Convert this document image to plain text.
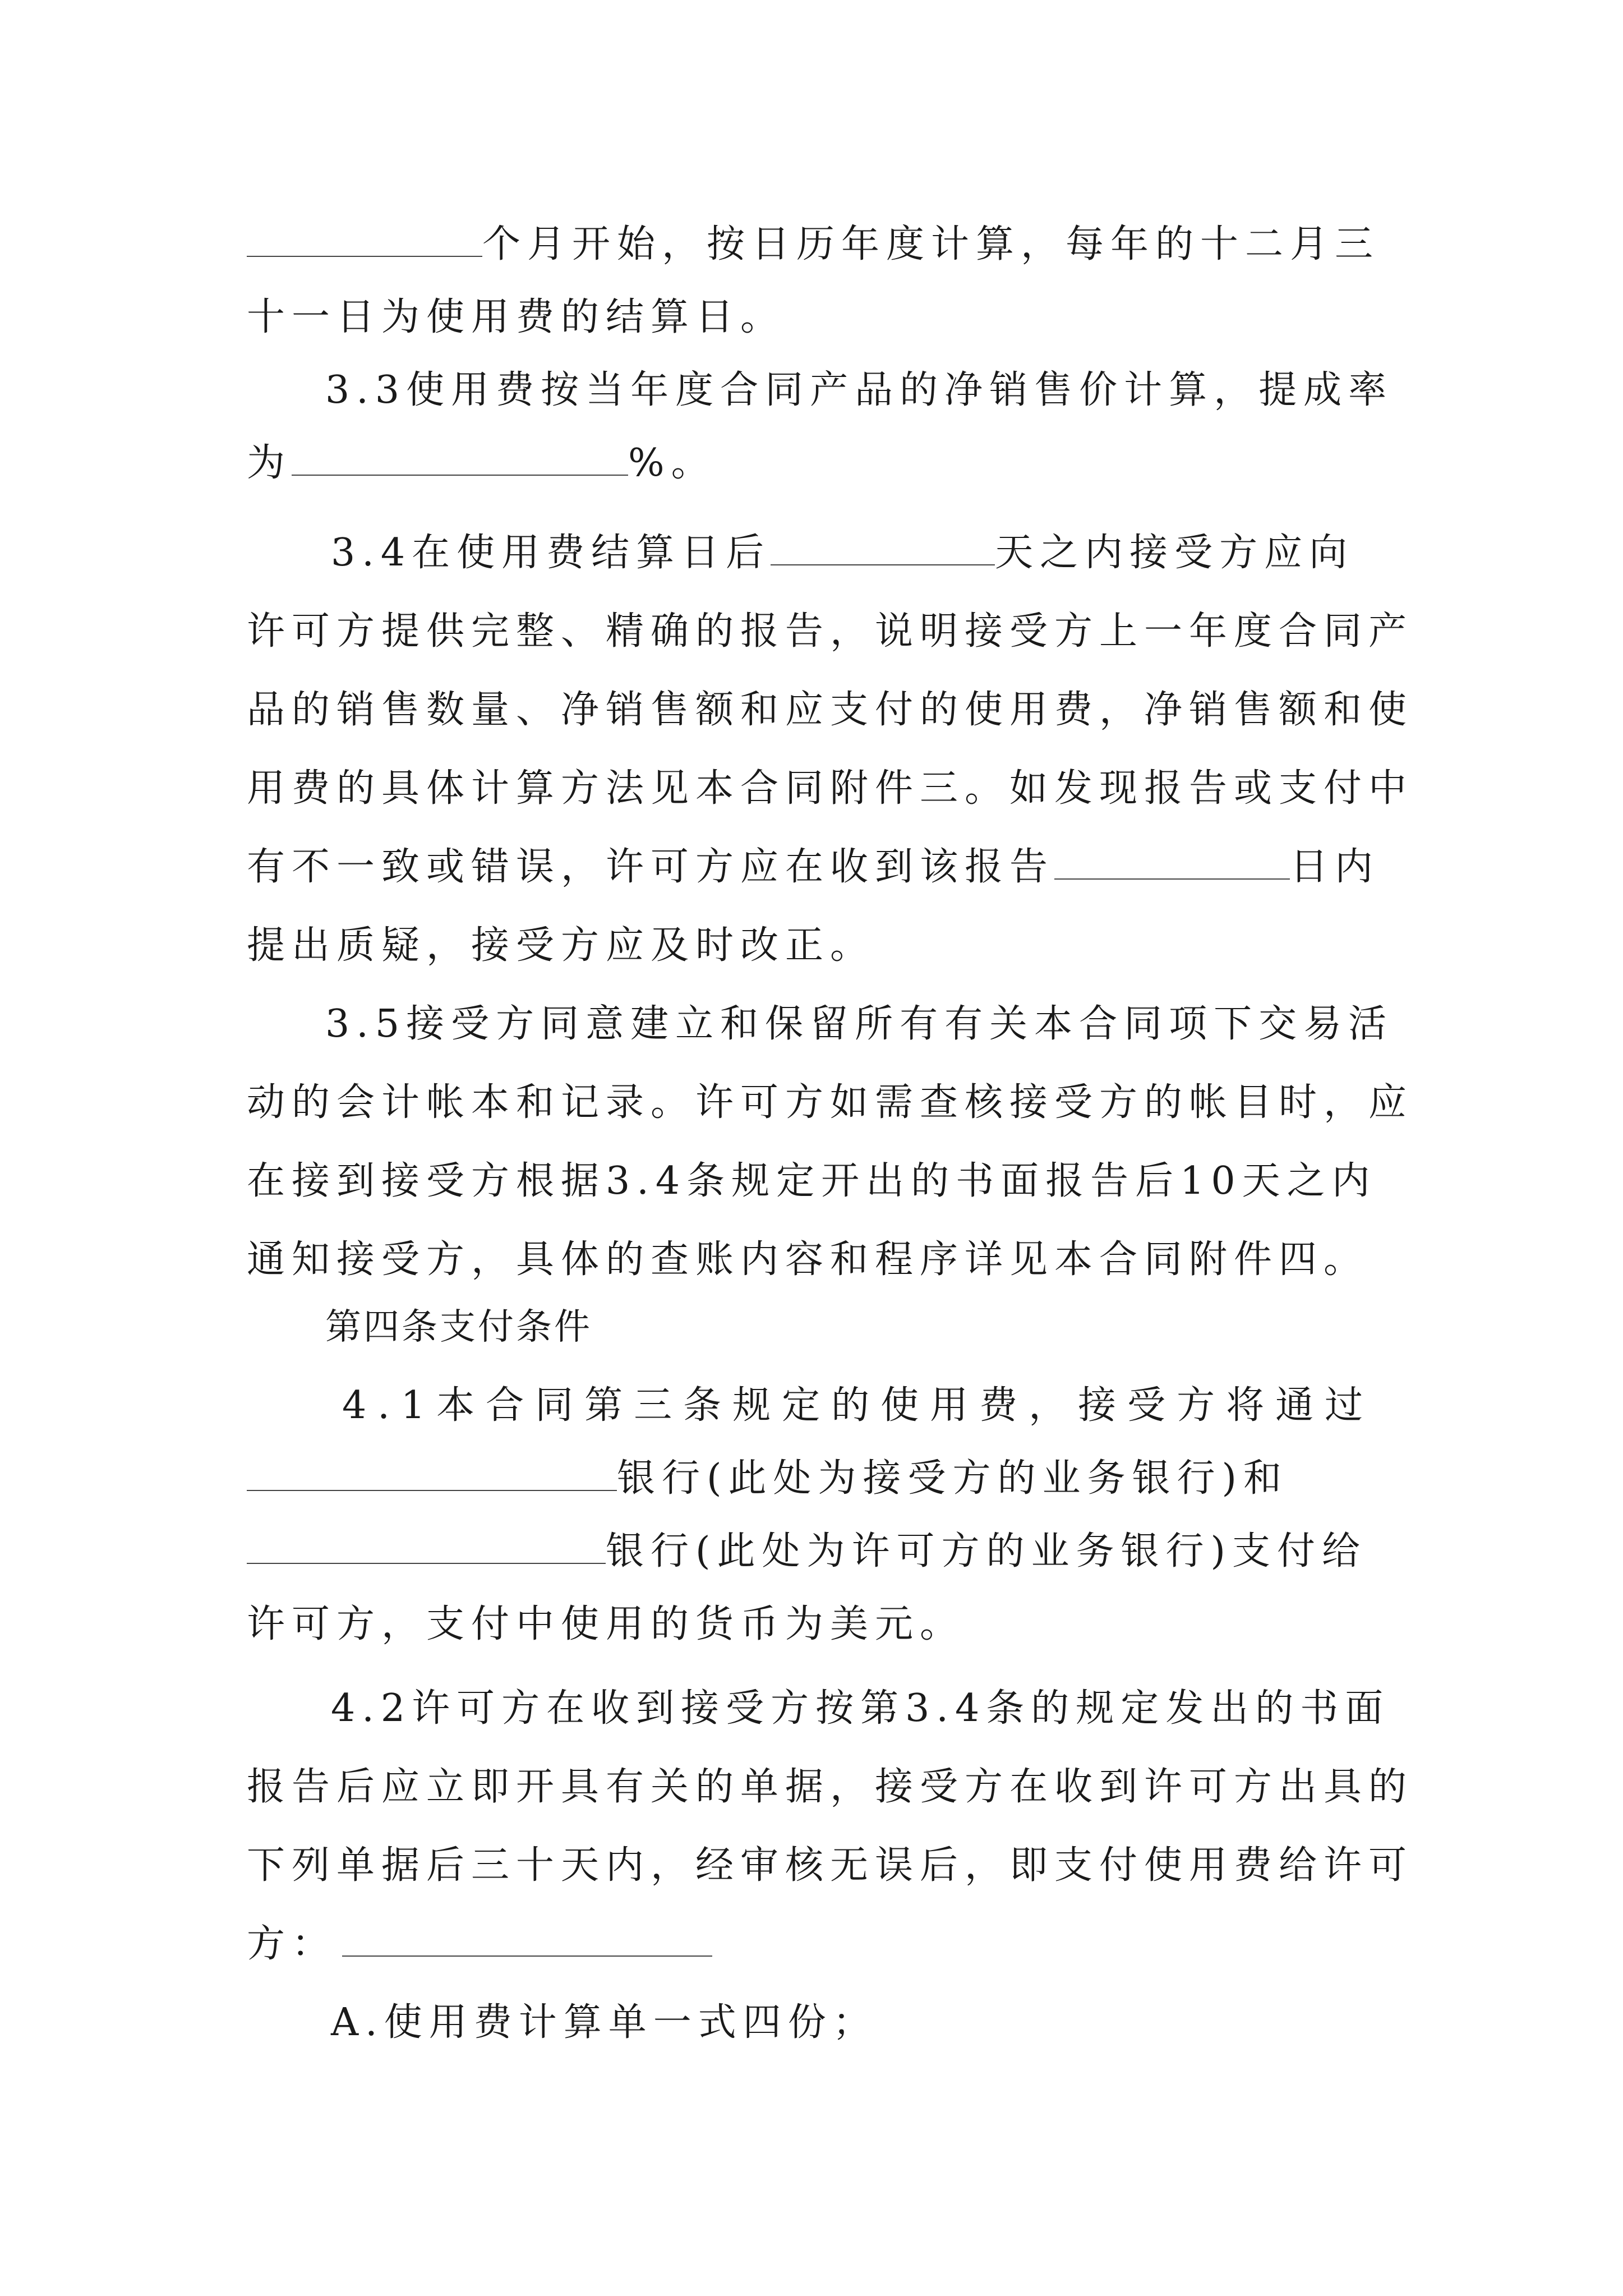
个月开始，按日历年度计算，每年的十二月三
十一日为使用费的结算日。
3.3使用费按当年度合同产品的净销售价计算，提成率
为	%。
3.4在使用费结算日后	天之内接受方应向
许可方提供完整、精确的报告，说明接受方上一年度合同产
品的销售数量、净销售额和应支付的使用费，净销售额和使
用费的具体计算方法见本合同附件三。如发现报告或支付中
有不一致或错误，许可方应在收到该报告	日内
提出质疑，接受方应及时改正。
3.5接受方同意建立和保留所有有关本合同项下交易活
动的会计帐本和记录。许可方如需查核接受方的帐目时，应
在接到接受方根据3.4条规定开出的书面报告后10天之内
通知接受方，具体的查账内容和程序详见本合同附件四。
第四条支付条件
4.1本合同第三条规定的使用费，接受方将通过
银行(此处为接受方的业务银行)和
银行(此处为许可方的业务银行)支付给
许可方，支付中使用的货币为美元。
4.2许可方在收到接受方按第3.4条的规定发出的书面
报告后应立即开具有关的单据，接受方在收到许可方出具的
下列单据后三十天内，经审核无误后，即支付使用费给许可
方：
A.使用费计算单一式四份；
